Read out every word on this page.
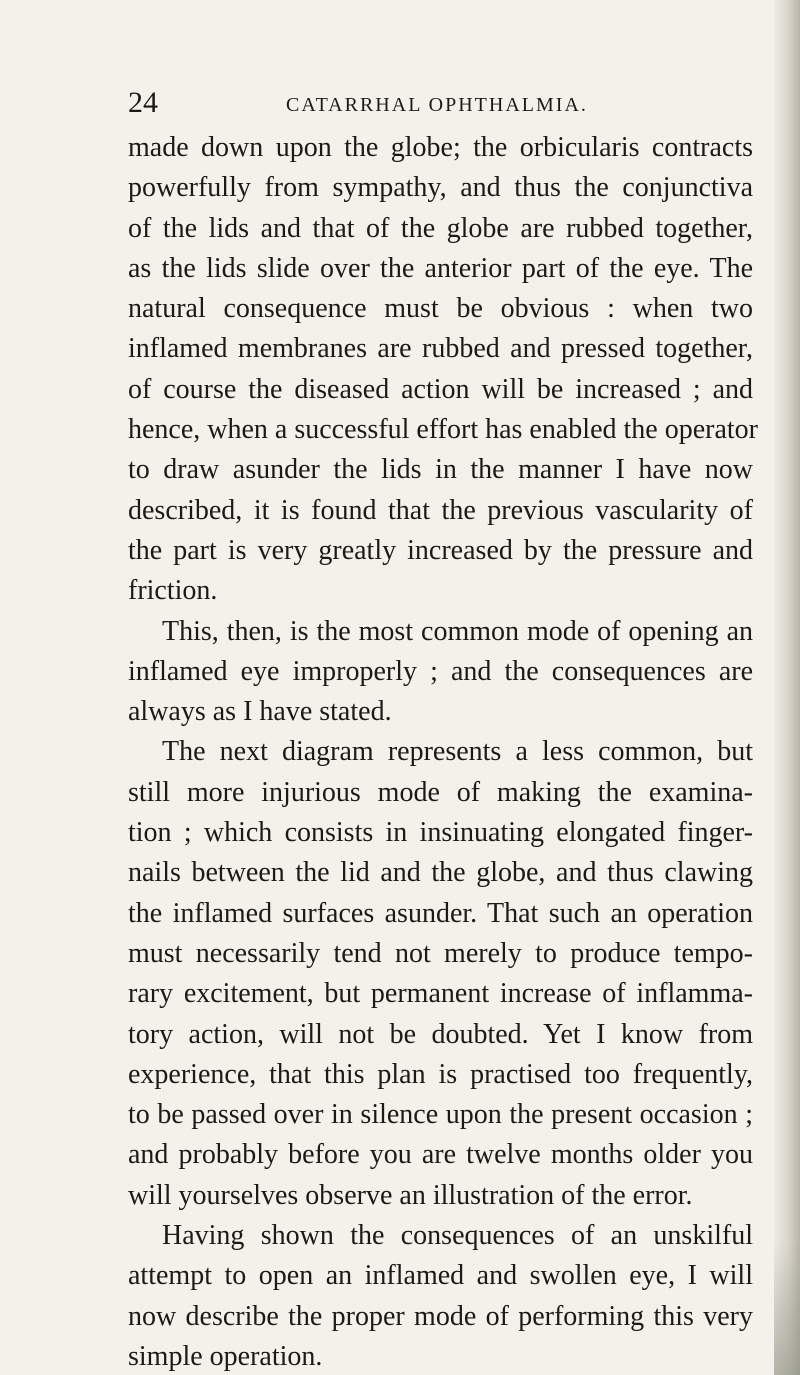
24	CATARRHAL OPHTHALMIA.
made down upon the globe; the orbicularis contracts
powerfully from sympathy, and thus the conjunctiva
of the lids and that of the globe are rubbed together,
as the lids slide over the anterior part of the eye. The
natural consequence must be obvious : when two
inflamed membranes are rubbed and pressed together,
of course the diseased action will be increased ; and
hence, when a successful effort has enabled the operator
to draw asunder the lids in the manner I have now
described, it is found that the previous vascularity of
the part is very greatly increased by the pressure and
friction.
This, then, is the most common mode of opening an
inflamed eye improperly ; and the consequences are
always as I have stated.
The next diagram represents a less common, but
still more injurious mode of making the examina-
tion ; which consists in insinuating elongated finger-
nails between the lid and the globe, and thus clawing
the inflamed surfaces asunder. That such an operation
must necessarily tend not merely to produce tempo-
rary excitement, but permanent increase of inflamma-
tory action, will not be doubted. Yet I know from
experience, that this plan is practised too frequently,
to be passed over in silence upon the present occasion ;
and probably before you are twelve months older you
will yourselves observe an illustration of the error.
Having shown the consequences of an unskilful
attempt to open an inflamed and swollen eye, I will
now describe the proper mode of performing this very
simple operation.
